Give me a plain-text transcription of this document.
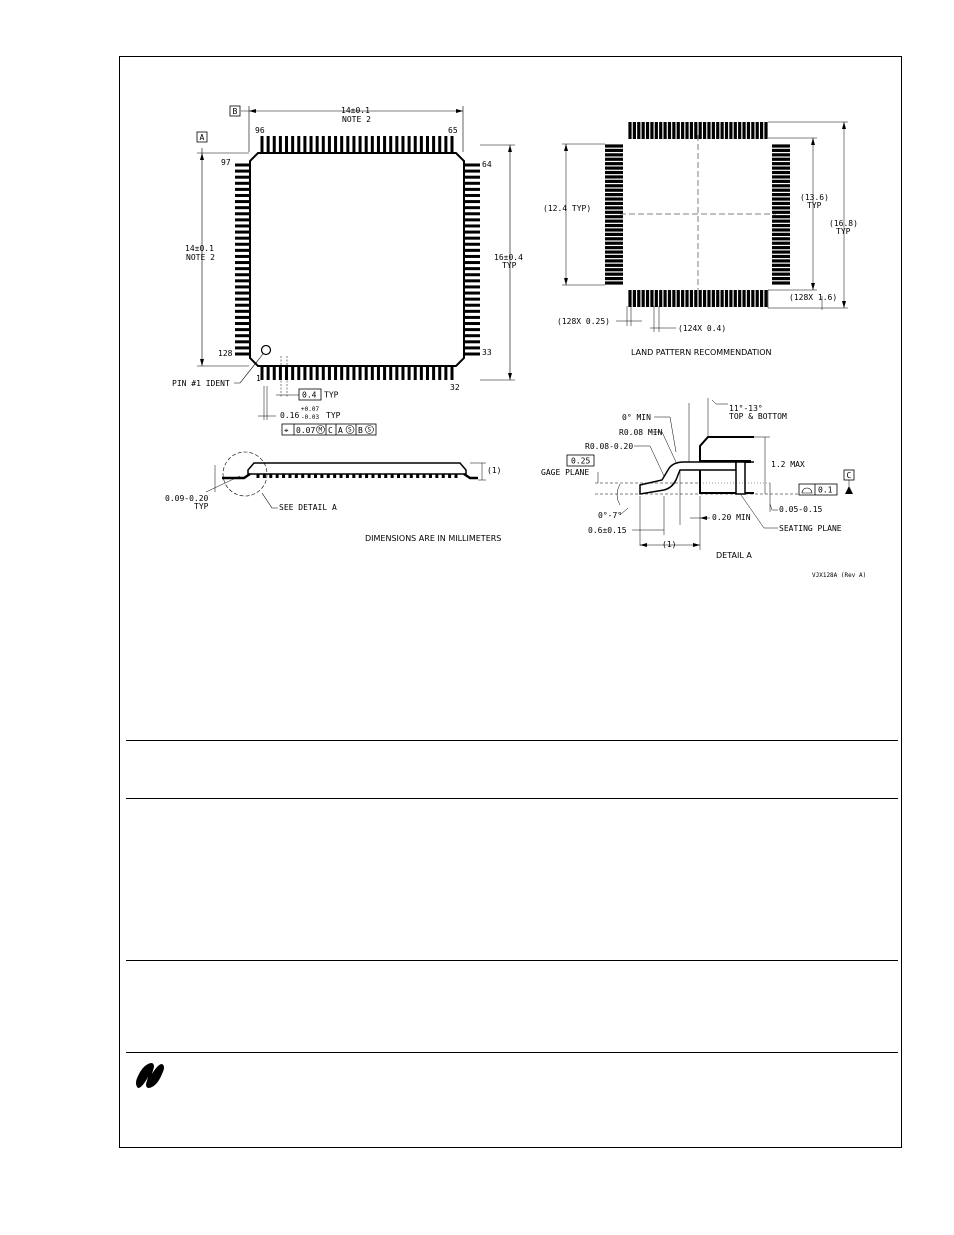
B	14±0.1
NOTE 2
A
14±0.1
NOTE 2	16±0.4
TYP
96	65
97	64
128	33
1
32
PIN #1 IDENT
0.4 TYP
0.16
+0.07
-0.03 TYP
⌖ 0.07 M C A S B S
0.09-0.20
TYP	SEE DETAIL A
(1)
DIMENSIONS ARE IN MILLIMETERS
(12.4 TYP)
(13.6)
TYP
(16.8)
TYP
(128X 1.6)
(128X 0.25)
(124X 0.4)
LAND PATTERN RECOMMENDATION
11°-13°
TOP & BOTTOM
0° MIN
R0.08 MIN
R0.08-0.20
0.25
GAGE PLANE
1.2 MAX
C
0.1
0°-7°
0.6±0.15
(1)
0.20 MIN
0.05-0.15
SEATING PLANE
DETAIL A
VJX128A (Rev A)
